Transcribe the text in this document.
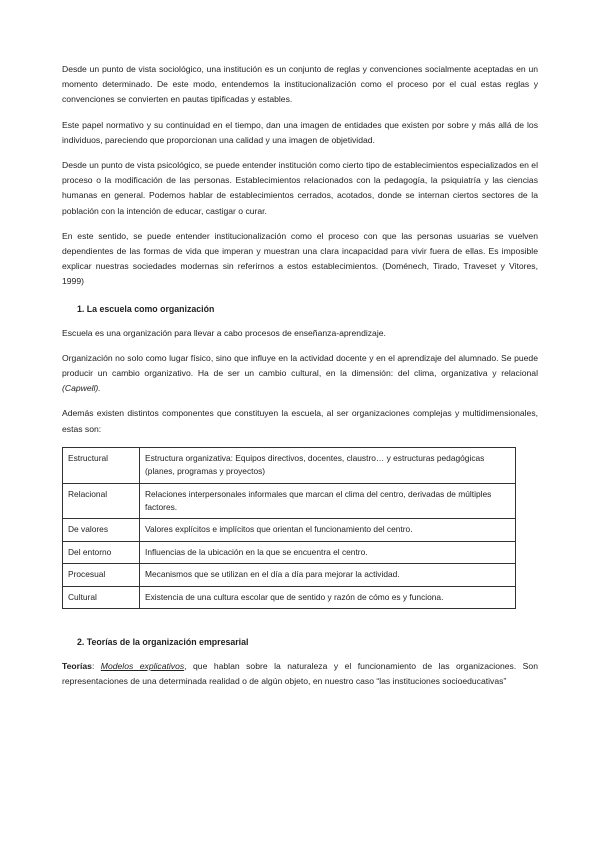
Desde un punto de vista sociológico, una institución es un conjunto de reglas y convenciones socialmente aceptadas en un momento determinado. De este modo, entendemos la institucionalización como el proceso por el cual estas reglas y convenciones se convierten en pautas tipificadas y estables.

Este papel normativo y su continuidad en el tiempo, dan una imagen de entidades que existen por sobre y más allá de los individuos, pareciendo que proporcionan una calidad y una imagen de objetividad.

Desde un punto de vista psicológico, se puede entender institución como cierto tipo de establecimientos especializados en el proceso o la modificación de las personas. Establecimientos relacionados con la pedagogía, la psiquiatría y las ciencias humanas en general. Podemos hablar de establecimientos cerrados, acotados, donde se internan ciertos sectores de la población con la intención de educar, castigar o curar.

En este sentido, se puede entender institucionalización como el proceso con que las personas usuarias se vuelven dependientes de las formas de vida que imperan y muestran una clara incapacidad para vivir fuera de ellas. Es imposible explicar nuestras sociedades modernas sin referirnos a estos establecimientos. (Doménech, Tirado, Traveset y Vitores, 1999)

1. La escuela como organización

Escuela es una organización para llevar a cabo procesos de enseñanza-aprendizaje.

Organización no solo como lugar físico, sino que influye en la actividad docente y en el aprendizaje del alumnado. Se puede producir un cambio organizativo. Ha de ser un cambio cultural, en la dimensión: del clima, organizativa y relacional (Capwell).

Además existen distintos componentes que constituyen la escuela, al ser organizaciones complejas y multidimensionales, estas son:

Estructural	Estructura organizativa: Equipos directivos, docentes, claustro… y estructuras pedagógicas (planes, programas y proyectos)
Relacional	Relaciones interpersonales informales que marcan el clima del centro, derivadas de múltiples factores.
De valores	Valores explícitos e implícitos que orientan el funcionamiento del centro.
Del entorno	Influencias de la ubicación en la que se encuentra el centro.
Procesual	Mecanismos que se utilizan en el día a día para mejorar la actividad.
Cultural	Existencia de una cultura escolar que de sentido y razón de cómo es y funciona.
2. Teorías de la organización empresarial

Teorías: Modelos explicativos, que hablan sobre la naturaleza y el funcionamiento de las organizaciones. Son representaciones de una determinada realidad o de algún objeto, en nuestro caso “las instituciones socioeducativas”
